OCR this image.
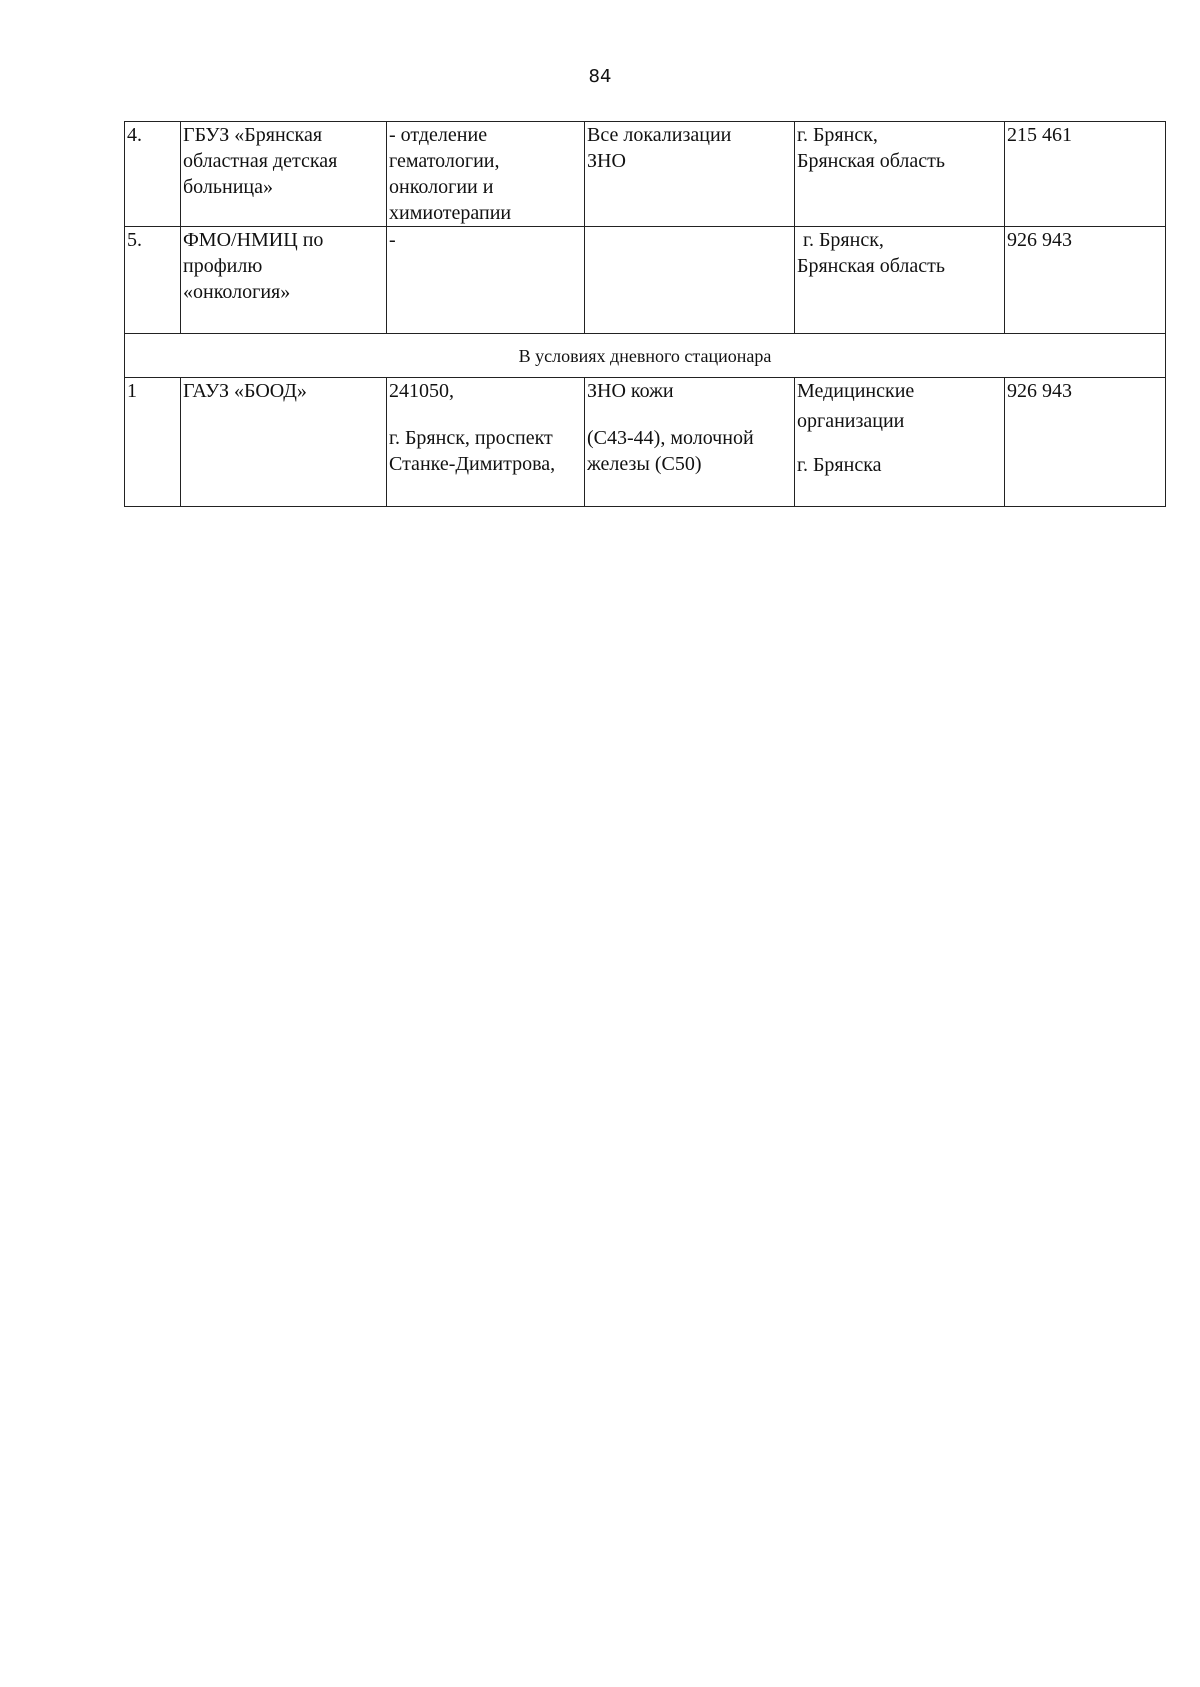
84
4.	ГБУЗ «Брянская
областная детская
больница»	- отделение
гематологии,
онкологии и
химиотерапии	Все локализации
ЗНО	г. Брянск,
Брянская область	215 461
5.	ФМО/НМИЦ по
профилю
«онкология»	-		г. Брянск,
Брянская область	926 943
В условиях дневного стационара					
1	ГАУЗ «БООД»	241050,
г. Брянск, проспект
Станке-Димитрова,	ЗНО кожи
(С43-44), молочной
железы (С50)	Медицинские
организации
г. Брянска	926 943
